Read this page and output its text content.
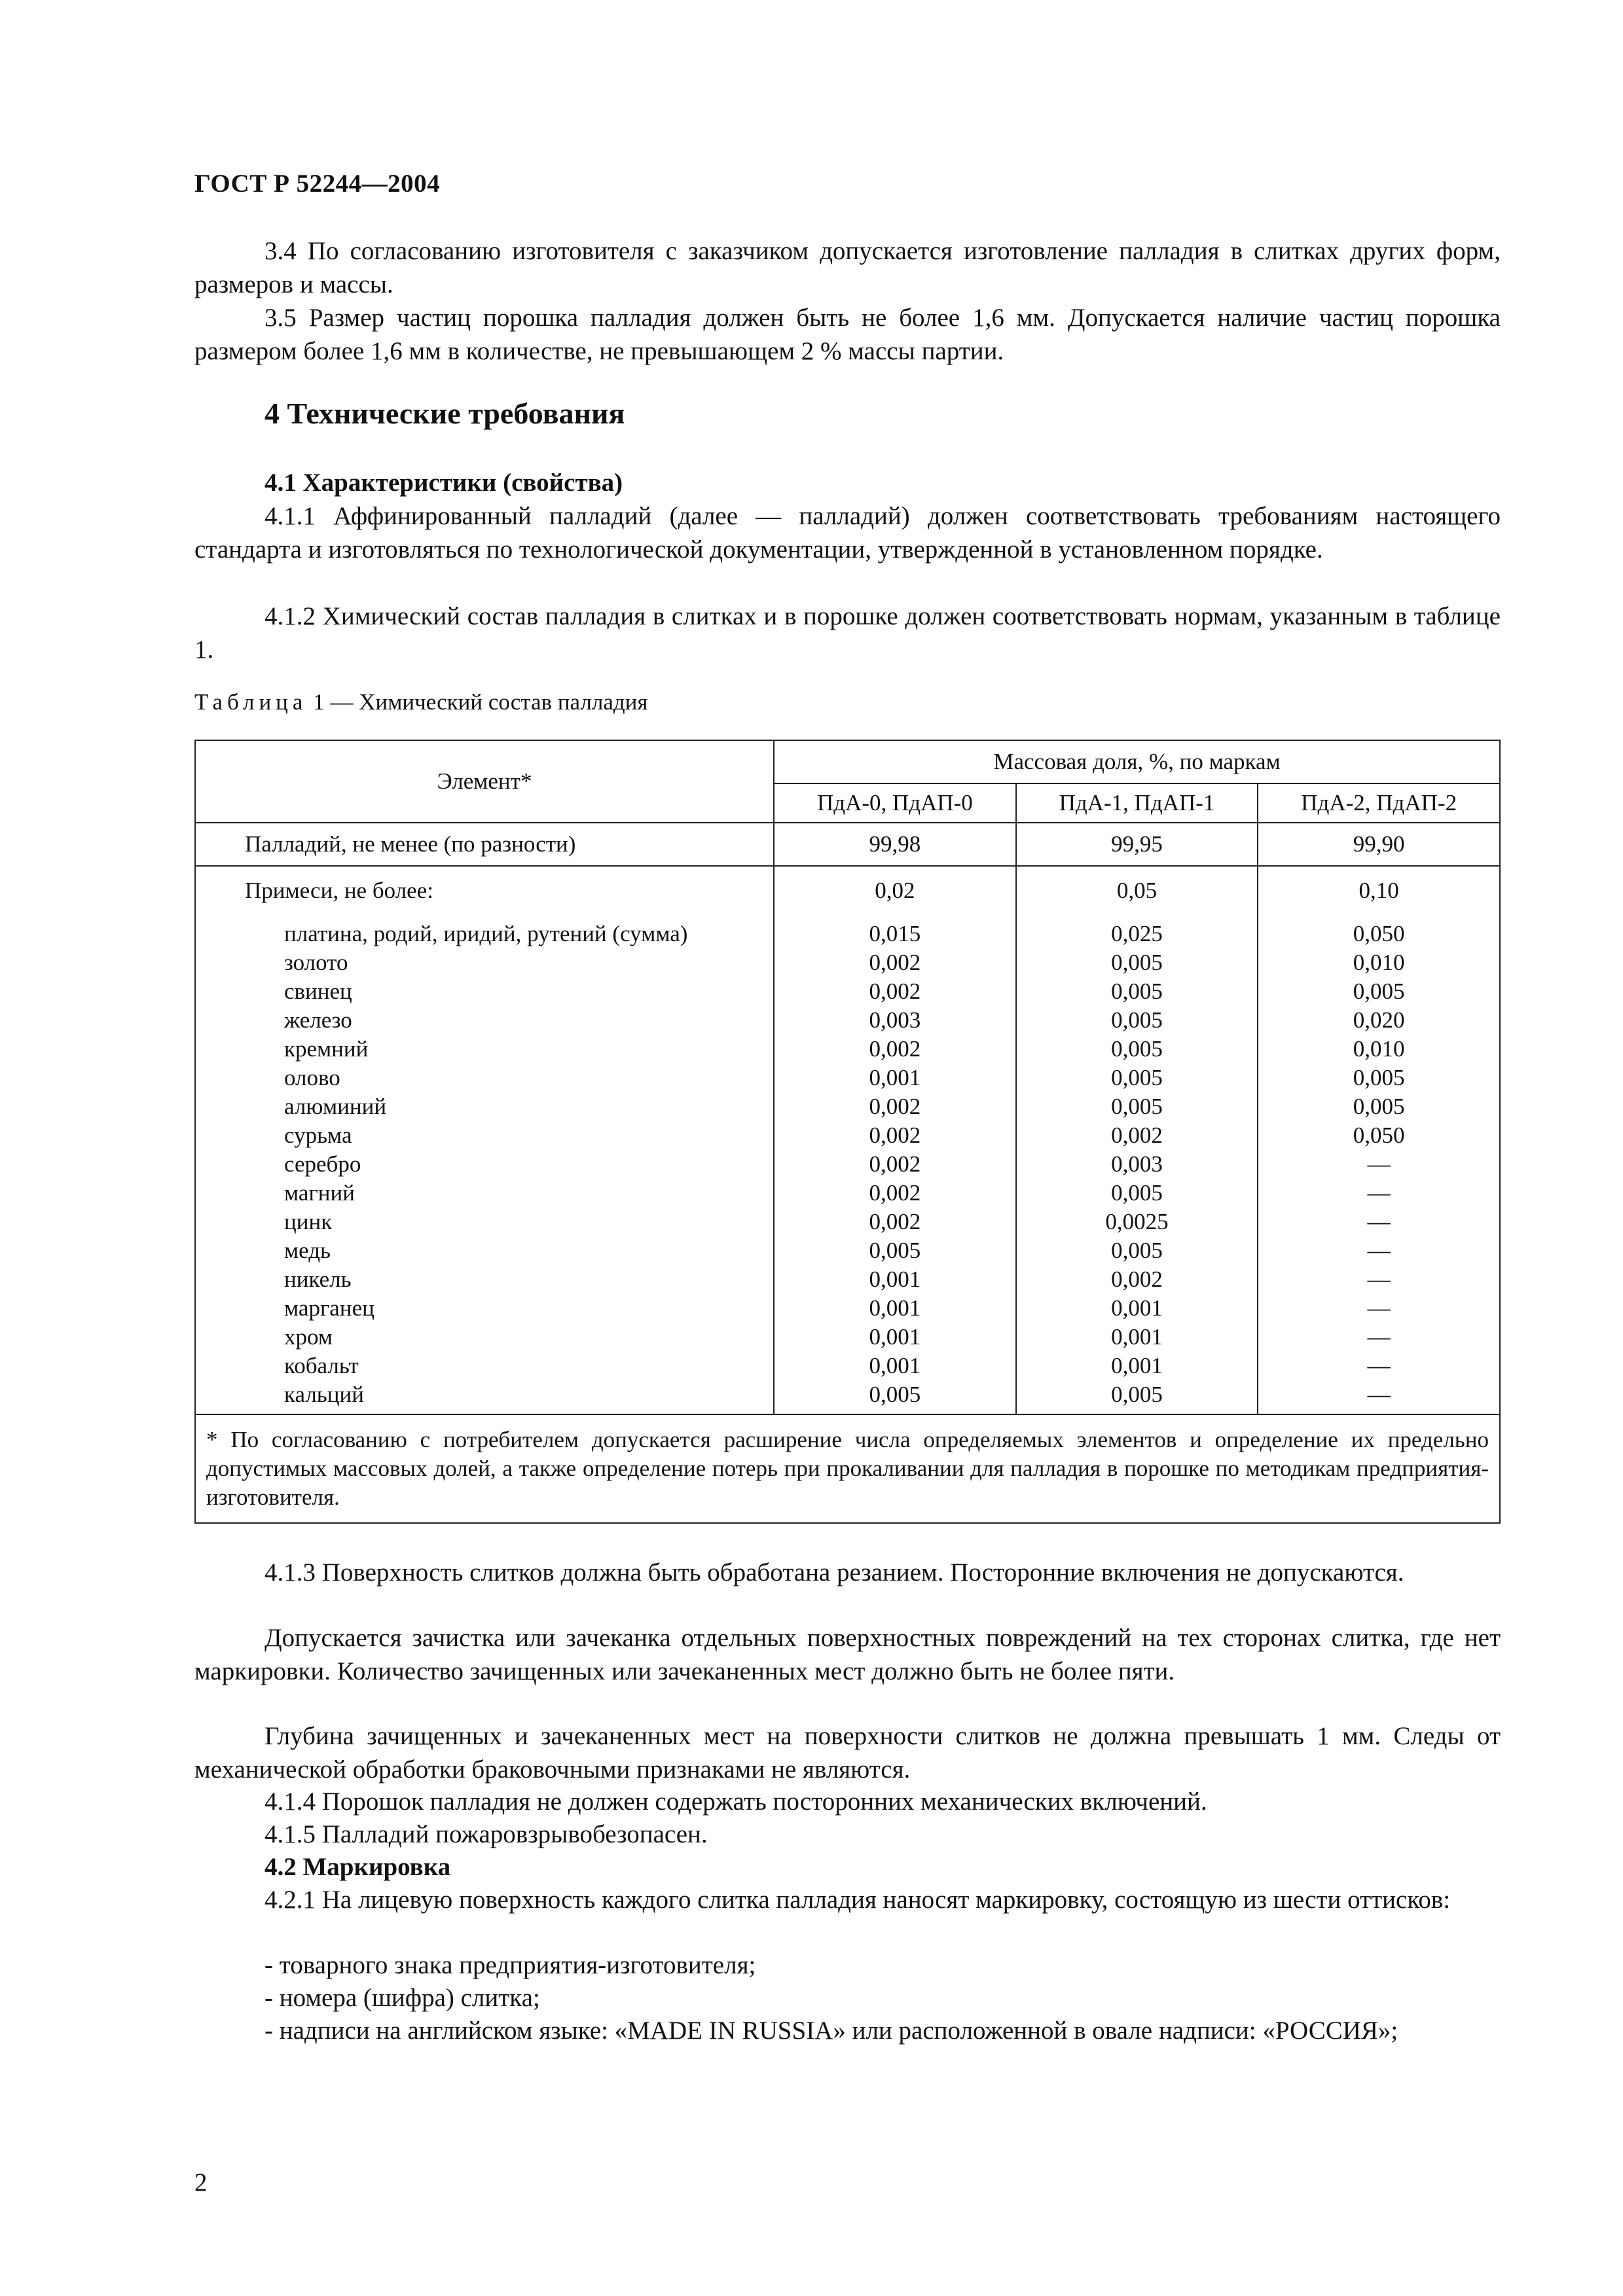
ГОСТ Р 52244—2004
3.4 По согласованию изготовителя с заказчиком допускается изготовление палладия в слитках других форм, размеров и массы.
3.5 Размер частиц порошка палладия должен быть не более 1,6 мм. Допускается наличие частиц порошка размером более 1,6 мм в количестве, не превышающем 2 % массы партии.
4 Технические требования
4.1 Характеристики (свойства)
4.1.1 Аффинированный палладий (далее — палладий) должен соответствовать требованиям настоящего стандарта и изготовляться по технологической документации, утвержденной в установленном порядке.
4.1.2 Химический состав палладия в слитках и в порошке должен соответствовать нормам, указанным в таблице 1.
Таблица 1 — Химический состав палладия
Элемент*	Массовая доля, %, по маркам		
	ПдА-0, ПдАП-0	ПдА-1, ПдАП-1	ПдА-2, ПдАП-2
Палладий, не менее (по разности)	99,98	99,95	99,90
Примеси, не более:	0,02	0,05	0,10
платина, родий, иридий, рутений (сумма)	0,015	0,025	0,050
золото	0,002	0,005	0,010
свинец	0,002	0,005	0,005
железо	0,003	0,005	0,020
кремний	0,002	0,005	0,010
олово	0,001	0,005	0,005
алюминий	0,002	0,005	0,005
сурьма	0,002	0,002	0,050
серебро	0,002	0,003	—
магний	0,002	0,005	—
цинк	0,002	0,0025	—
медь	0,005	0,005	—
никель	0,001	0,002	—
марганец	0,001	0,001	—
хром	0,001	0,001	—
кобальт	0,001	0,001	—
кальций	0,005	0,005	—

* По согласованию с потребителем допускается расширение числа определяемых элементов и определение их предельно допустимых массовых долей, а также определение потерь при прокаливании для палладия в порошке по методикам предприятия-изготовителя.			
4.1.3 Поверхность слитков должна быть обработана резанием. Посторонние включения не допускаются.
Допускается зачистка или зачеканка отдельных поверхностных повреждений на тех сторонах слитка, где нет маркировки. Количество зачищенных или зачеканенных мест должно быть не более пяти.
Глубина зачищенных и зачеканенных мест на поверхности слитков не должна превышать 1 мм. Следы от механической обработки браковочными признаками не являются.
4.1.4 Порошок палладия не должен содержать посторонних механических включений.
4.1.5 Палладий пожаровзрывобезопасен.
4.2 Маркировка
4.2.1 На лицевую поверхность каждого слитка палладия наносят маркировку, состоящую из шести оттисков:
- товарного знака предприятия-изготовителя;
- номера (шифра) слитка;
- надписи на английском языке: «MADE IN RUSSIA» или расположенной в овале надписи: «РОССИЯ»;
2
